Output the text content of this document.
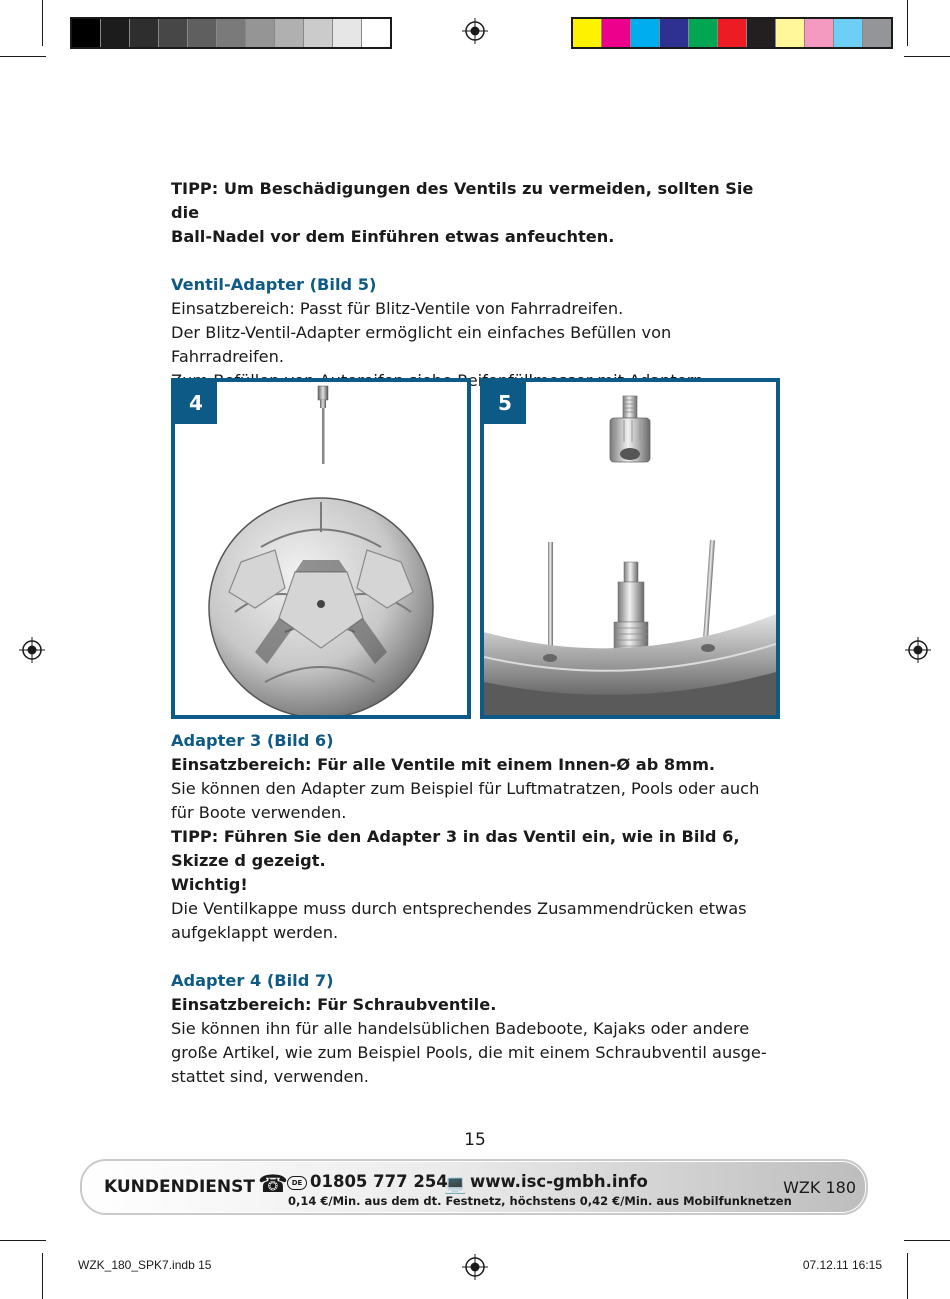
TIPP: Um Beschädigungen des Ventils zu vermeiden, sollten Sie die

Ball-Nadel vor dem Einführen etwas anfeuchten.

Ventil-Adapter (Bild 5)

Einsatzbereich: Passt für Blitz-Ventile von Fahrradreifen.

Der Blitz-Ventil-Adapter ermöglicht ein einfaches Befüllen von

Fahrradreifen.

4	5

Adapter 3 (Bild 6)

Einsatzbereich: Für alle Ventile mit einem Innen-Ø ab 8mm.

Sie können den Adapter zum Beispiel für Luftmatratzen, Pools oder auch

für Boote verwenden.

TIPP: Führen Sie den Adapter 3 in das Ventil ein, wie in Bild 6,

Skizze d gezeigt.

Wichtig!

Die Ventilkappe muss durch entsprechendes Zusammendrücken etwas

aufgeklappt werden.

Adapter 4 (Bild 7)

Einsatzbereich: Für Schraubventile.

Sie können ihn für alle handelsüblichen Badeboote, Kajaks oder andere

große Artikel, wie zum Beispiel Pools, die mit einem Schraubventil ausge-

stattet sind, verwenden.

15
KUNDENDIENST ☎ DE 01805 777 254
💻 www.isc-gmbh.info
0,14 €/Min. aus dem dt. Festnetz, höchstens 0,42 €/Min. aus Mobilfunknetzen
WZK 180
WZK_180_SPK7.indb 15	07.12.11 16:15
